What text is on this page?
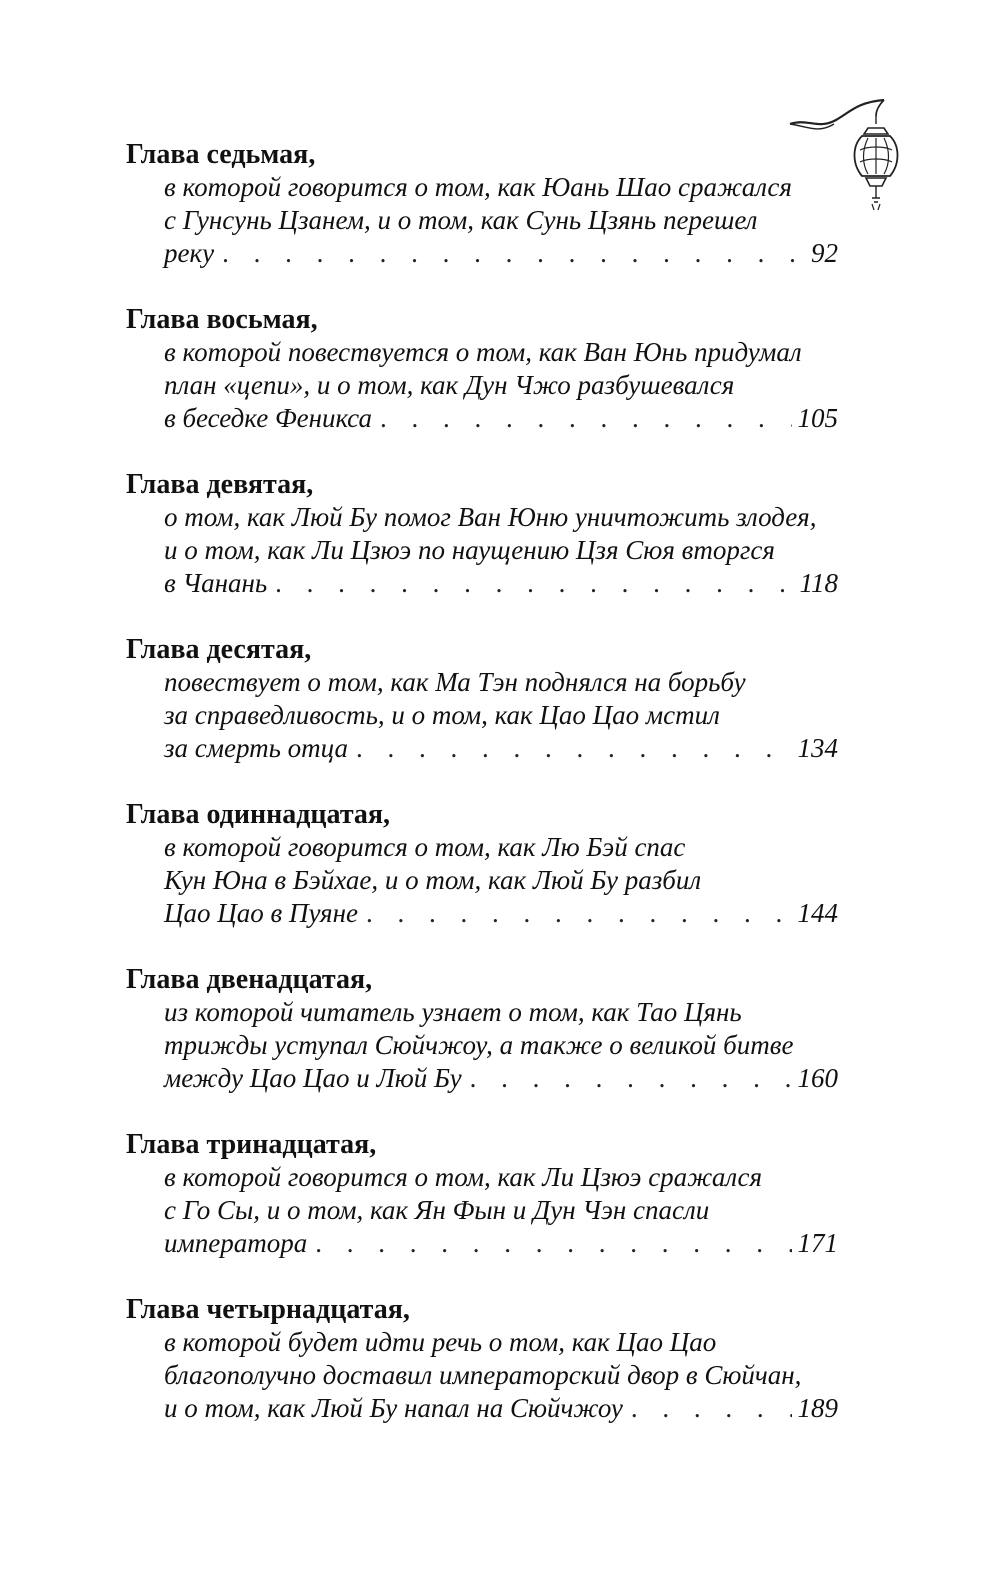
Глава седьмая,
в которой говорится о том, как Юань Шао сражался
с Гунсунь Цзанем, и о том, как Сунь Цзянь перешел
реку . . .	92
Глава восьмая,
в которой повествуется о том, как Ван Юнь придумал
план «цепи», и о том, как Дун Чжо разбушевался
в беседке Феникса . . .	105
Глава девятая,
о том, как Люй Бу помог Ван Юню уничтожить злодея,
и о том, как Ли Цзюэ по наущению Цзя Сюя вторгся
в Чанань . . .	118
Глава десятая,
повествует о том, как Ма Тэн поднялся на борьбу
за справедливость, и о том, как Цао Цао мстил
за смерть отца . . .	134
Глава одиннадцатая,
в которой говорится о том, как Лю Бэй спас
Кун Юна в Бэйхае, и о том, как Люй Бу разбил
Цао Цао в Пуяне . . .	144
Глава двенадцатая,
из которой читатель узнает о том, как Тао Цянь
трижды уступал Сюйчжоу, а также о великой битве
между Цао Цао и Люй Бу . . .	160
Глава тринадцатая,
в которой говорится о том, как Ли Цзюэ сражался
с Го Сы, и о том, как Ян Фын и Дун Чэн спасли
императора . . .	171
Глава четырнадцатая,
в которой будет идти речь о том, как Цао Цао
благополучно доставил императорский двор в Сюйчан,
и о том, как Люй Бу напал на Сюйчжоу . . .	189
